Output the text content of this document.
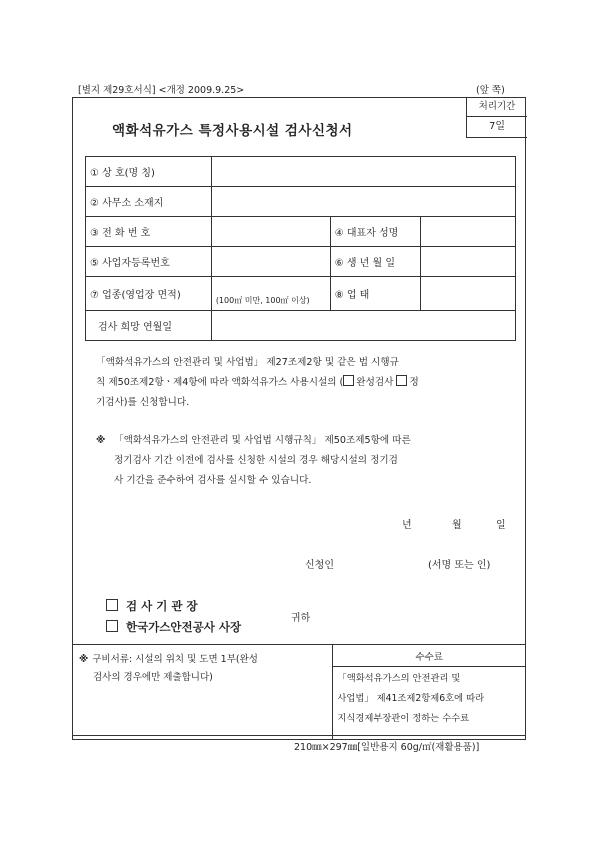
[별지 제29호서식] <개정 2009.9.25>	(앞 쪽)
처리기간
7일
액화석유가스 특정사용시설 검사신청서
① 상 호(명 칭)			
② 사무소 소재지			
③ 전 화 번 호		④ 대표자 성명	
⑤ 사업자등록번호		⑥ 생 년 월 일	
⑦ 업종(영업장 면적)	(100㎡ 미만, 100㎡ 이상)	⑧ 업 태	
검사 희망 연월일			
「액화석유가스의 안전관리 및 사업법」 제27조제2항 및 같은 법 시행규
칙 제50조제2항ㆍ제4항에 따라 액화석유가스 사용시설의 ( 완성검사 정
기검사)를 신청합니다.
※ 「액화석유가스의 안전관리 및 사업법 시행규칙」 제50조제5항에 따른
정기검사 기간 이전에 검사를 신청한 시설의 경우 해당시설의 정기검
사 기간을 준수하여 검사를 실시할 수 있습니다.
년	월	일
신청인	(서명 또는 인)
검 사 기 관 장
한국가스안전공사 사장
귀하
※ 구비서류: 시설의 위치 및 도면 1부(완성
검사의 경우에만 제출합니다)
	수수료

「액화석유가스의 안전관리 및
사업법」 제41조제2항제6호에 따라
지식경제부장관이 정하는 수수료
210㎜×297㎜[일반용지 60g/㎡(재활용품)]
